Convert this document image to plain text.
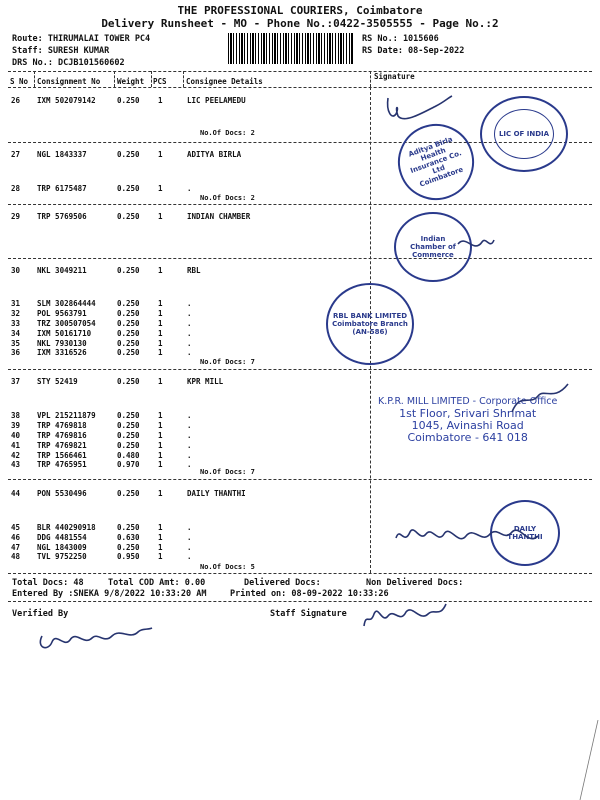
THE PROFESSIONAL COURIERS, Coimbatore
Delivery Runsheet - MO - Phone No.:0422-3505555 - Page No.:2
Route: THIRUMALAI TOWER PC4
Staff: SURESH KUMAR
DRS No.: DCJB101560602
RS No.: 1015606
RS Date: 08-Sep-2022
S No Consignment No Weight PCS	Consignee Details
Signature
26 IXM 502079142	0.250 1	LIC PEELAMEDU
27 NGL 1843337	0.250 1	ADITYA BIRLA
28 TRP 6175487	0.250 1	.
29 TRP 5769506	0.250 1	INDIAN CHAMBER
30 NKL 3049211	0.250 1	RBL
31 SLM 302864444	0.250 1	.
32 POL 9563791	0.250 1	.
33 TRZ 300507054	0.250 1	.
34 IXM 50161710	0.250 1	.
35 NKL 7930130	0.250 1	.
36 IXM 3316526	0.250 1	.
37 STY 52419	0.250 1	KPR MILL
38 VPL 215211879	0.250 1	.
39 TRP 4769818	0.250 1	.
40 TRP 4769816	0.250 1	.
41 TRP 4769821	0.250 1	.
42 TRP 1566461	0.480 1	.
43 TRP 4765951	0.970 1	.
44 PON 5530496	0.250 1	DAILY THANTHI
45 BLR 440290918	0.250 1	.
46 DDG 4481554	0.630 1	.
47 NGL 1843009	0.250 1	.
48 TVL 9752250	0.950 1	.
No.Of Docs: 2
No.Of Docs: 2
No.Of Docs: 7
No.Of Docs: 7
No.Of Docs: 5
LIC OF INDIA
Aditya Birla Health Insurance Co. Ltd Coimbatore
Indian Chamber of Commerce
RBL BANK LIMITED
Coimbatore Branch
(AN-586)
K.P.R. MILL LIMITED - Corporate Office
1st Floor, Srivari Shrimat
1045, Avinashi Road
Coimbatore - 641 018
DAILY THANTHI
Total Docs: 48	Total COD Amt: 0.00	Delivered Docs:	Non Delivered Docs:
Entered By :SNEKA 9/8/2022 10:33:20 AM	Printed on: 08-09-2022 10:33:26
Verified By	Staff Signature
